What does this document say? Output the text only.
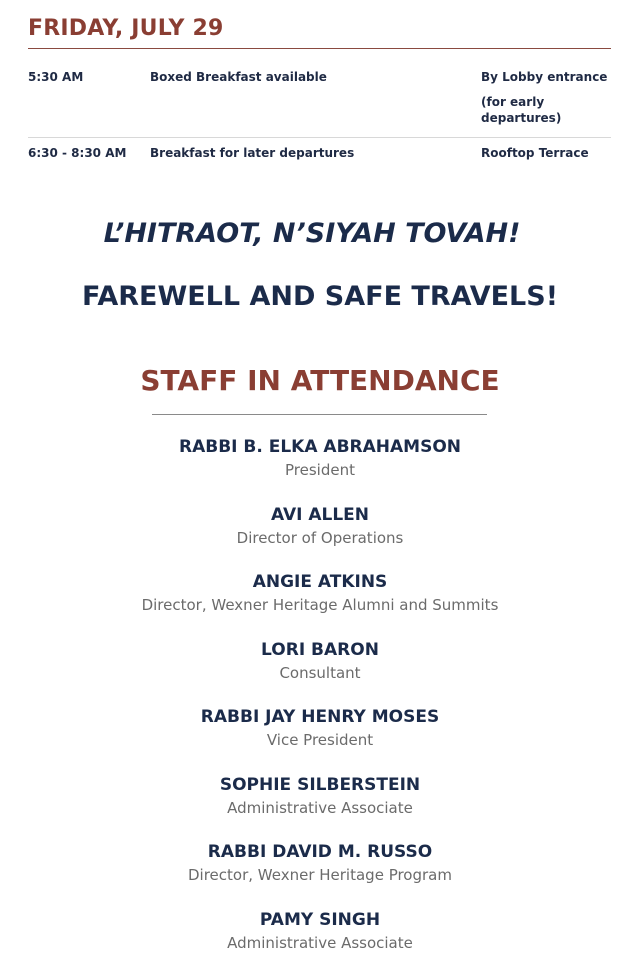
FRIDAY, JULY 29
5:30 AM	Boxed Breakfast available	By Lobby entrance
(for early departures)
6:30 - 8:30 AM Breakfast for later departures	Rooftop Terrace
L’HITRAOT, N’SIYAH TOVAH!
FAREWELL AND SAFE TRAVELS!
STAFF IN ATTENDANCE
RABBI B. ELKA ABRAHAMSON
President
AVI ALLEN
Director of Operations
ANGIE ATKINS
Director, Wexner Heritage Alumni and Summits
LORI BARON
Consultant
RABBI JAY HENRY MOSES
Vice President
SOPHIE SILBERSTEIN
Administrative Associate
RABBI DAVID M. RUSSO
Director, Wexner Heritage Program
PAMY SINGH
Administrative Associate
